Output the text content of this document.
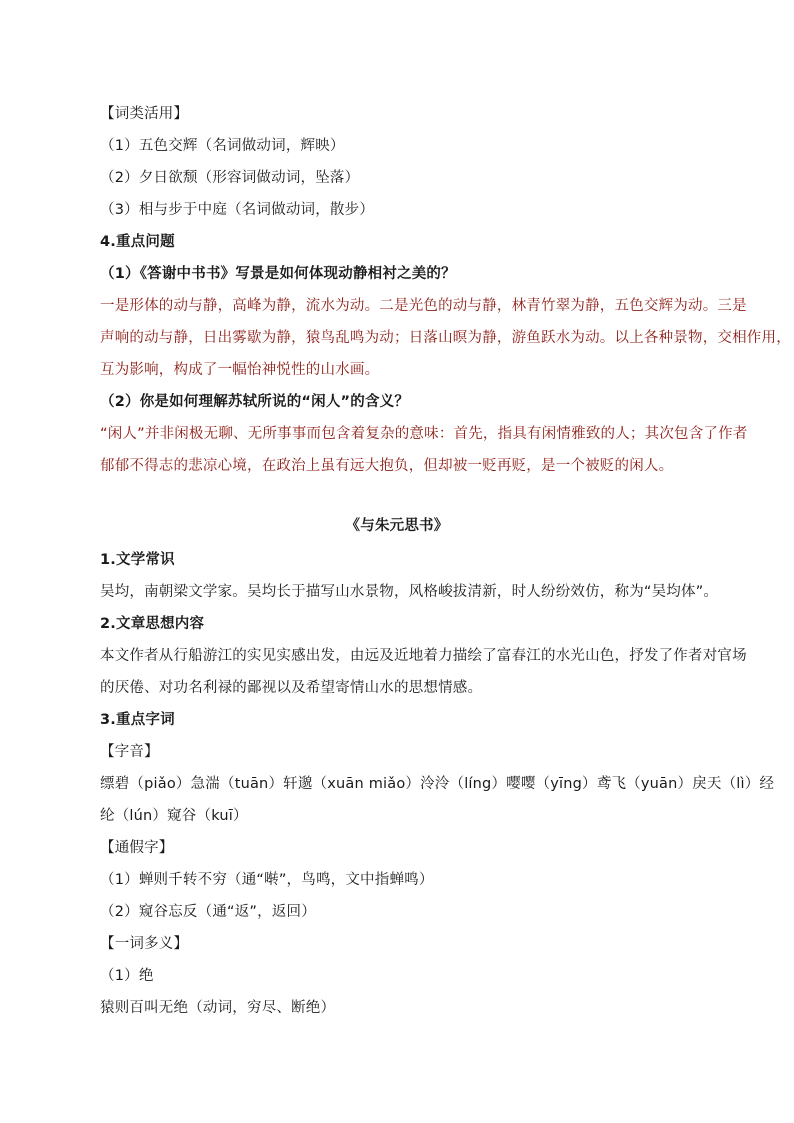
【词类活用】
（1）五色交辉（名词做动词，辉映）
（2）夕日欲颓（形容词做动词，坠落）
（3）相与步于中庭（名词做动词，散步）
4.重点问题
（1）《答谢中书书》写景是如何体现动静相衬之美的？
一是形体的动与静，高峰为静，流水为动。二是光色的动与静，林青竹翠为静，五色交辉为动。三是
声响的动与静，日出雾歇为静，猿鸟乱鸣为动；日落山暝为静，游鱼跃水为动。以上各种景物，交相作用，
互为影响，构成了一幅怡神悦性的山水画。
（2）你是如何理解苏轼所说的“闲人”的含义？
“闲人”并非闲极无聊、无所事事而包含着复杂的意味：首先，指具有闲情雅致的人；其次包含了作者
郁郁不得志的悲凉心境，在政治上虽有远大抱负，但却被一贬再贬，是一个被贬的闲人。
《与朱元思书》
1.文学常识
吴均，南朝梁文学家。吴均长于描写山水景物，风格峻拔清新，时人纷纷效仿，称为“吴均体”。
2.文章思想内容
本文作者从行船游江的实见实感出发，由远及近地着力描绘了富春江的水光山色，抒发了作者对官场
的厌倦、对功名利禄的鄙视以及希望寄情山水的思想情感。
3.重点字词
【字音】
缥碧（piǎo）急湍（tuān）轩邈（xuān miǎo）泠泠（líng）嘤嘤（yīng）鸢飞（yuān）戾天（lì）经
纶（lún）窥谷（kuī）
【通假字】
（1）蝉则千转不穷（通“啭”，鸟鸣，文中指蝉鸣）
（2）窥谷忘反（通“返”，返回）
【一词多义】
（1）绝
猿则百叫无绝（动词，穷尽、断绝）
